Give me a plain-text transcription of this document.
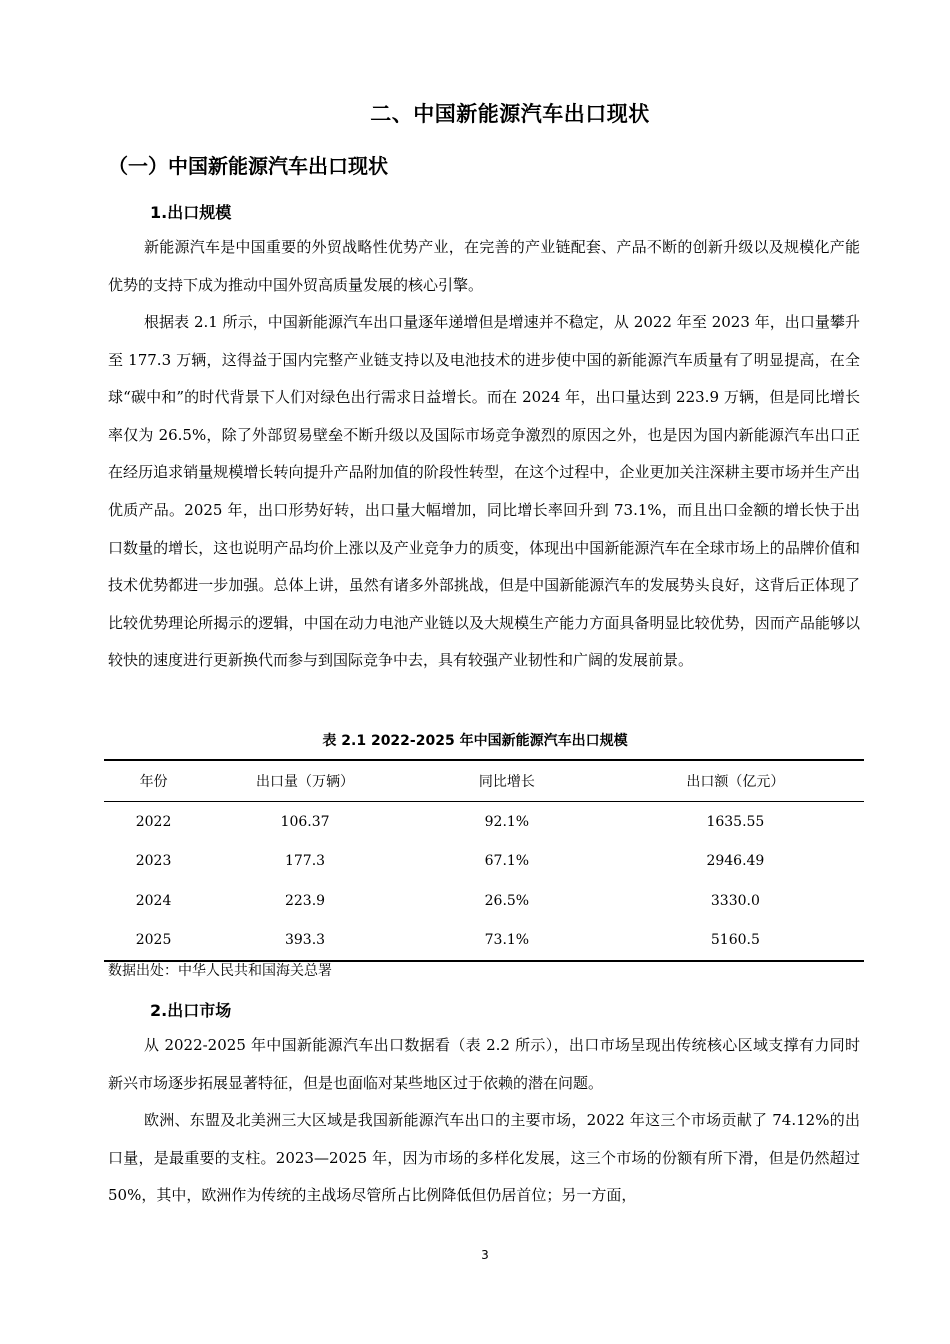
二、中国新能源汽车出口现状
（一）中国新能源汽车出口现状
1.出口规模

新能源汽车是中国重要的外贸战略性优势产业，在完善的产业链配套、产品不断的创新升级以及规模化产能优势的支持下成为推动中国外贸高质量发展的核心引擎。

根据表 2.1 所示，中国新能源汽车出口量逐年递增但是增速并不稳定，从 2022 年至 2023 年，出口量攀升至 177.3 万辆，这得益于国内完整产业链支持以及电池技术的进步使中国的新能源汽车质量有了明显提高，在全球“碳中和”的时代背景下人们对绿色出行需求日益增长。而在 2024 年，出口量达到 223.9 万辆，但是同比增长率仅为 26.5%，除了外部贸易壁垒不断升级以及国际市场竞争激烈的原因之外，也是因为国内新能源汽车出口正在经历追求销量规模增长转向提升产品附加值的阶段性转型，在这个过程中，企业更加关注深耕主要市场并生产出优质产品。2025 年，出口形势好转，出口量大幅增加，同比增长率回升到 73.1%，而且出口金额的增长快于出口数量的增长，这也说明产品均价上涨以及产业竞争力的质变，体现出中国新能源汽车在全球市场上的品牌价值和技术优势都进一步加强。总体上讲，虽然有诸多外部挑战，但是中国新能源汽车的发展势头良好，这背后正体现了比较优势理论所揭示的逻辑，中国在动力电池产业链以及大规模生产能力方面具备明显比较优势，因而产品能够以较快的速度进行更新换代而参与到国际竞争中去，具有较强产业韧性和广阔的发展前景。

表 2.1 2022-2025 年中国新能源汽车出口规模
年份	出口量（万辆）	同比增长	出口额（亿元）
2022	106.37	92.1%	1635.55
2023	177.3	67.1%	2946.49
2024	223.9	26.5%	3330.0
2025	393.3	73.1%	5160.5
数据出处：中华人民共和国海关总署
2.出口市场

从 2022-2025 年中国新能源汽车出口数据看（表 2.2 所示），出口市场呈现出传统核心区域支撑有力同时新兴市场逐步拓展显著特征，但是也面临对某些地区过于依赖的潜在问题。

欧洲、东盟及北美洲三大区域是我国新能源汽车出口的主要市场，2022 年这三个市场贡献了 74.12%的出口量，是最重要的支柱。2023—2025 年，因为市场的多样化发展，这三个市场的份额有所下滑，但是仍然超过 50%，其中，欧洲作为传统的主战场尽管所占比例降低但仍居首位；另一方面，

3
